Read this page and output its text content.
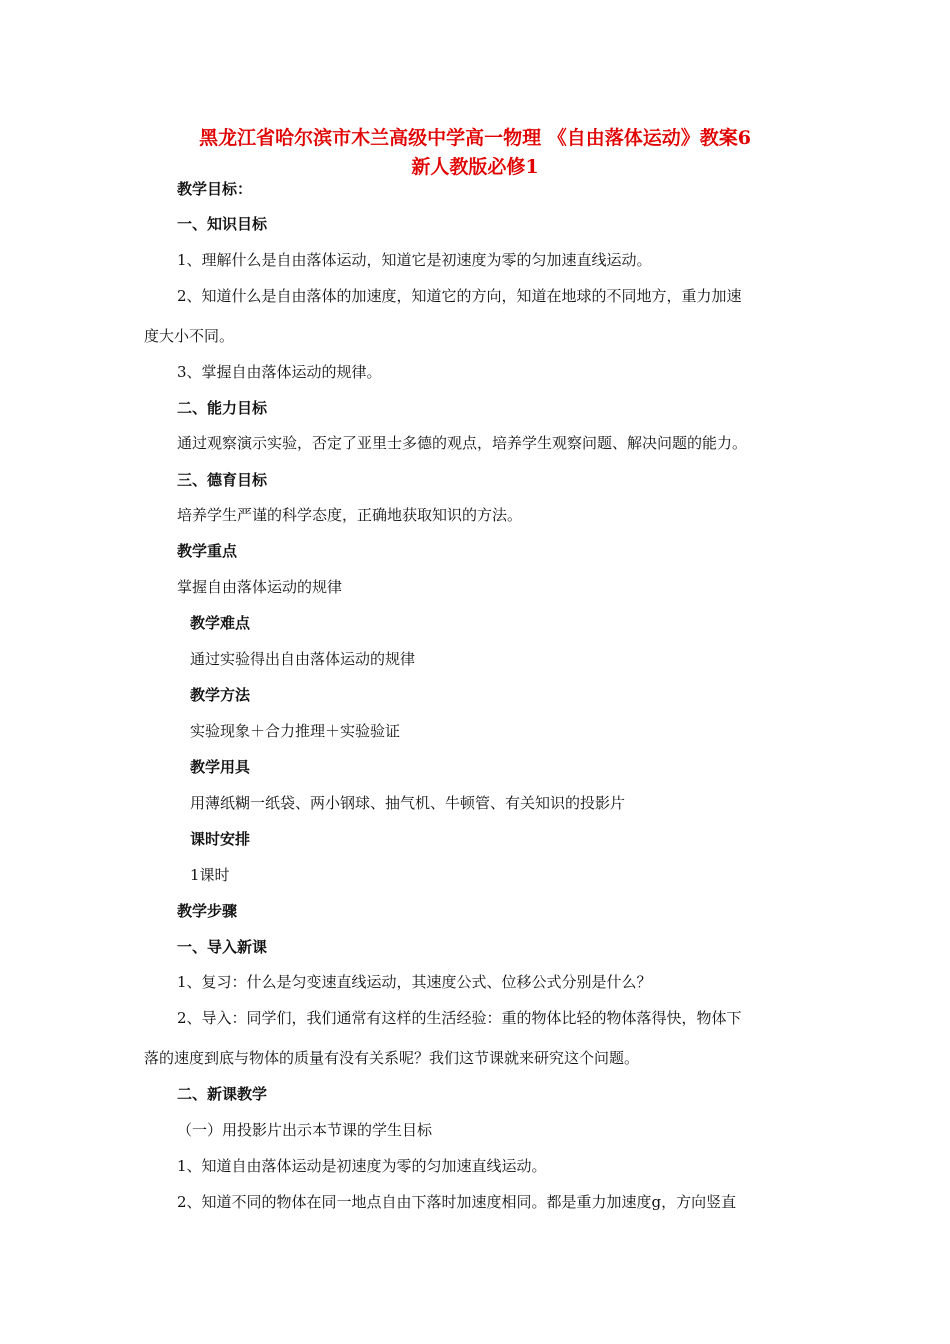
黑龙江省哈尔滨市木兰高级中学高一物理 《自由落体运动》教案6
新人教版必修1
教学目标：
一、知识目标
1、理解什么是自由落体运动，知道它是初速度为零的匀加速直线运动。
2、知道什么是自由落体的加速度，知道它的方向，知道在地球的不同地方，重力加速
度大小不同。
3、掌握自由落体运动的规律。
二、能力目标
通过观察演示实验，否定了亚里士多德的观点，培养学生观察问题、解决问题的能力。
三、德育目标
培养学生严谨的科学态度，正确地获取知识的方法。
教学重点
掌握自由落体运动的规律
教学难点
通过实验得出自由落体运动的规律
教学方法
实验现象＋合力推理＋实验验证
教学用具
用薄纸糊一纸袋、两小钢球、抽气机、牛顿管、有关知识的投影片
课时安排
1课时
教学步骤
一、导入新课
1、复习：什么是匀变速直线运动，其速度公式、位移公式分别是什么？
2、导入：同学们，我们通常有这样的生活经验：重的物体比轻的物体落得快，物体下
落的速度到底与物体的质量有没有关系呢？我们这节课就来研究这个问题。
二、新课教学
（一）用投影片出示本节课的学生目标
1、知道自由落体运动是初速度为零的匀加速直线运动。
2、知道不同的物体在同一地点自由下落时加速度相同。都是重力加速度g，方向竖直
